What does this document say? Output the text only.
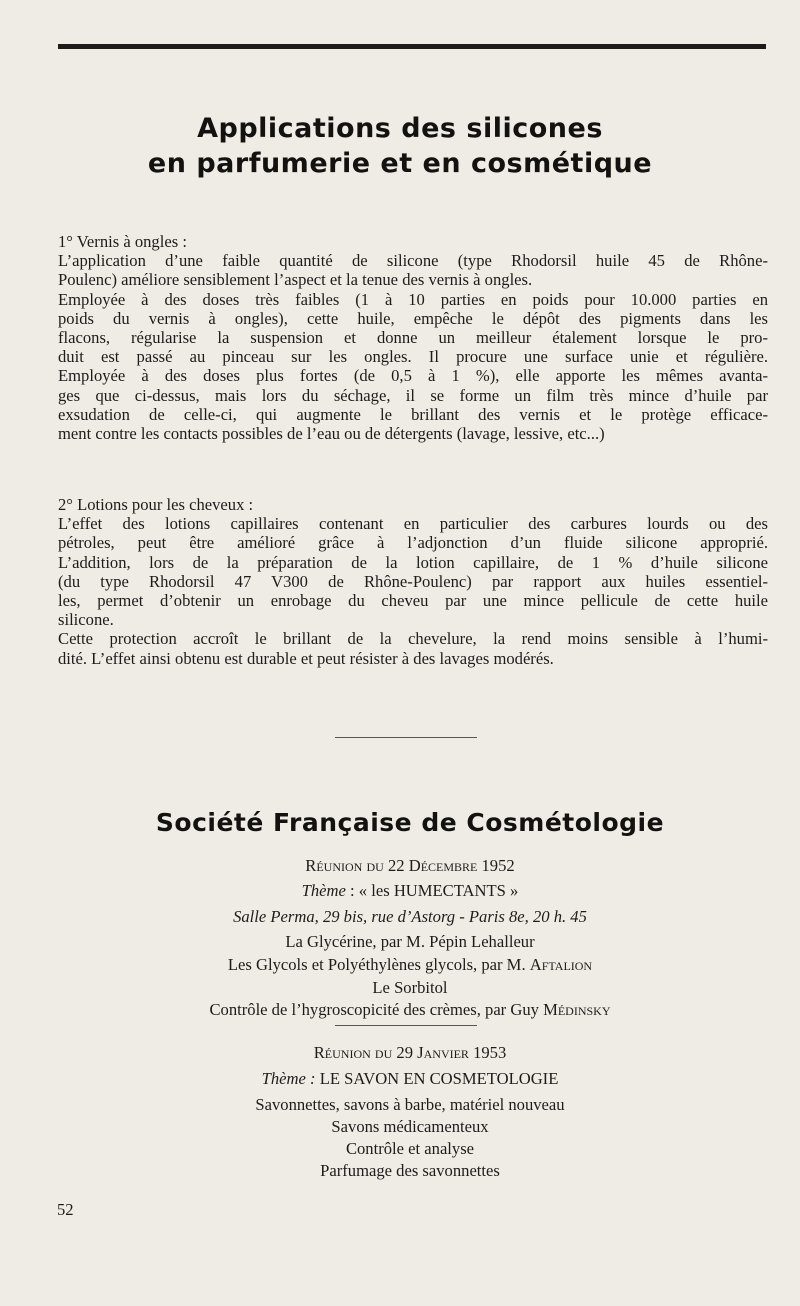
Applications des silicones
en parfumerie et en cosmétique
1° Vernis à ongles :
L’application d’une faible quantité de silicone (type Rhodorsil huile 45 de Rhône-
Poulenc) améliore sensiblement l’aspect et la tenue des vernis à ongles.
Employée à des doses très faibles (1 à 10 parties en poids pour 10.000 parties en
poids du vernis à ongles), cette huile, empêche le dépôt des pigments dans les
flacons, régularise la suspension et donne un meilleur étalement lorsque le pro-
duit est passé au pinceau sur les ongles. Il procure une surface unie et régulière.
Employée à des doses plus fortes (de 0,5 à 1 %), elle apporte les mêmes avanta-
ges que ci-dessus, mais lors du séchage, il se forme un film très mince d’huile par
exsudation de celle-ci, qui augmente le brillant des vernis et le protège efficace-
ment contre les contacts possibles de l’eau ou de détergents (lavage, lessive, etc...)
2° Lotions pour les cheveux :
L’effet des lotions capillaires contenant en particulier des carbures lourds ou des
pétroles, peut être amélioré grâce à l’adjonction d’un fluide silicone approprié.
L’addition, lors de la préparation de la lotion capillaire, de 1 % d’huile silicone
(du type Rhodorsil 47 V300 de Rhône-Poulenc) par rapport aux huiles essentiel-
les, permet d’obtenir un enrobage du cheveu par une mince pellicule de cette huile
silicone.
Cette protection accroît le brillant de la chevelure, la rend moins sensible à l’humi-
dité. L’effet ainsi obtenu est durable et peut résister à des lavages modérés.
Société Française de Cosmétologie
Réunion du 22 Décembre 1952
Thème : « les HUMECTANTS »
Salle Perma, 29 bis, rue d’Astorg - Paris 8e, 20 h. 45
La Glycérine, par M. Pépin Lehalleur
Les Glycols et Polyéthylènes glycols, par M. Aftalion
Le Sorbitol
Contrôle de l’hygroscopicité des crèmes, par Guy Médinsky
Réunion du 29 Janvier 1953
Thème : LE SAVON EN COSMETOLOGIE
Savonnettes, savons à barbe, matériel nouveau
Savons médicamenteux
Contrôle et analyse
Parfumage des savonnettes
52
